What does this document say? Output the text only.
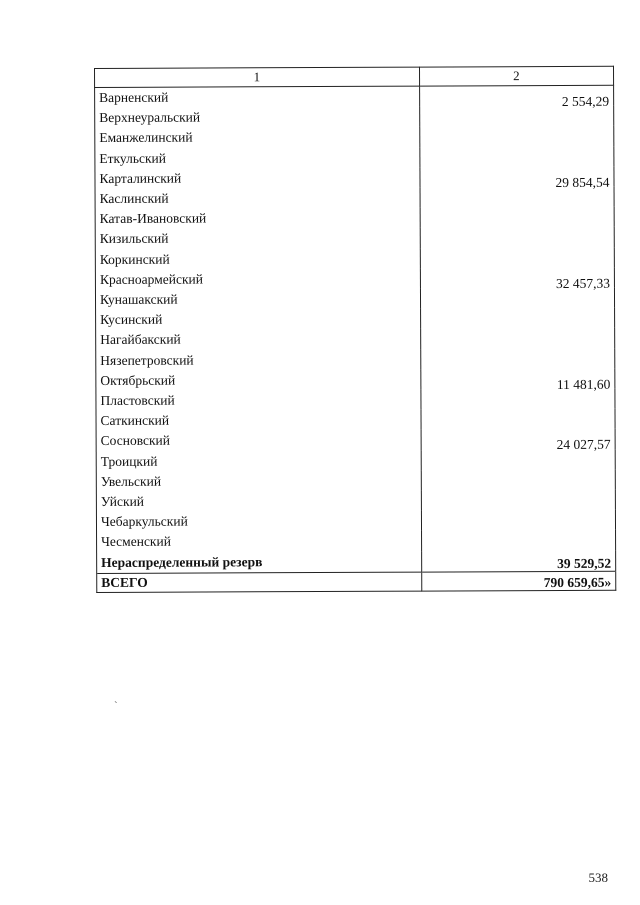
1	2
Варненский	2 554,29
Верхнеуральский	
Еманжелинский	
Еткульский	
Карталинский	29 854,54
Каслинский	
Катав-Ивановский	
Кизильский	
Коркинский	
Красноармейский	32 457,33
Кунашакский	
Кусинский	
Нагайбакский	
Нязепетровский	
Октябрьский	11 481,60
Пластовский	
Саткинский	
Сосновский	24 027,57
Троицкий	
Увельский	
Уйский	
Чебаркульский	
Чесменский	
Нераспределенный резерв	39 529,52
ВСЕГО	790 659,65»
`
538
